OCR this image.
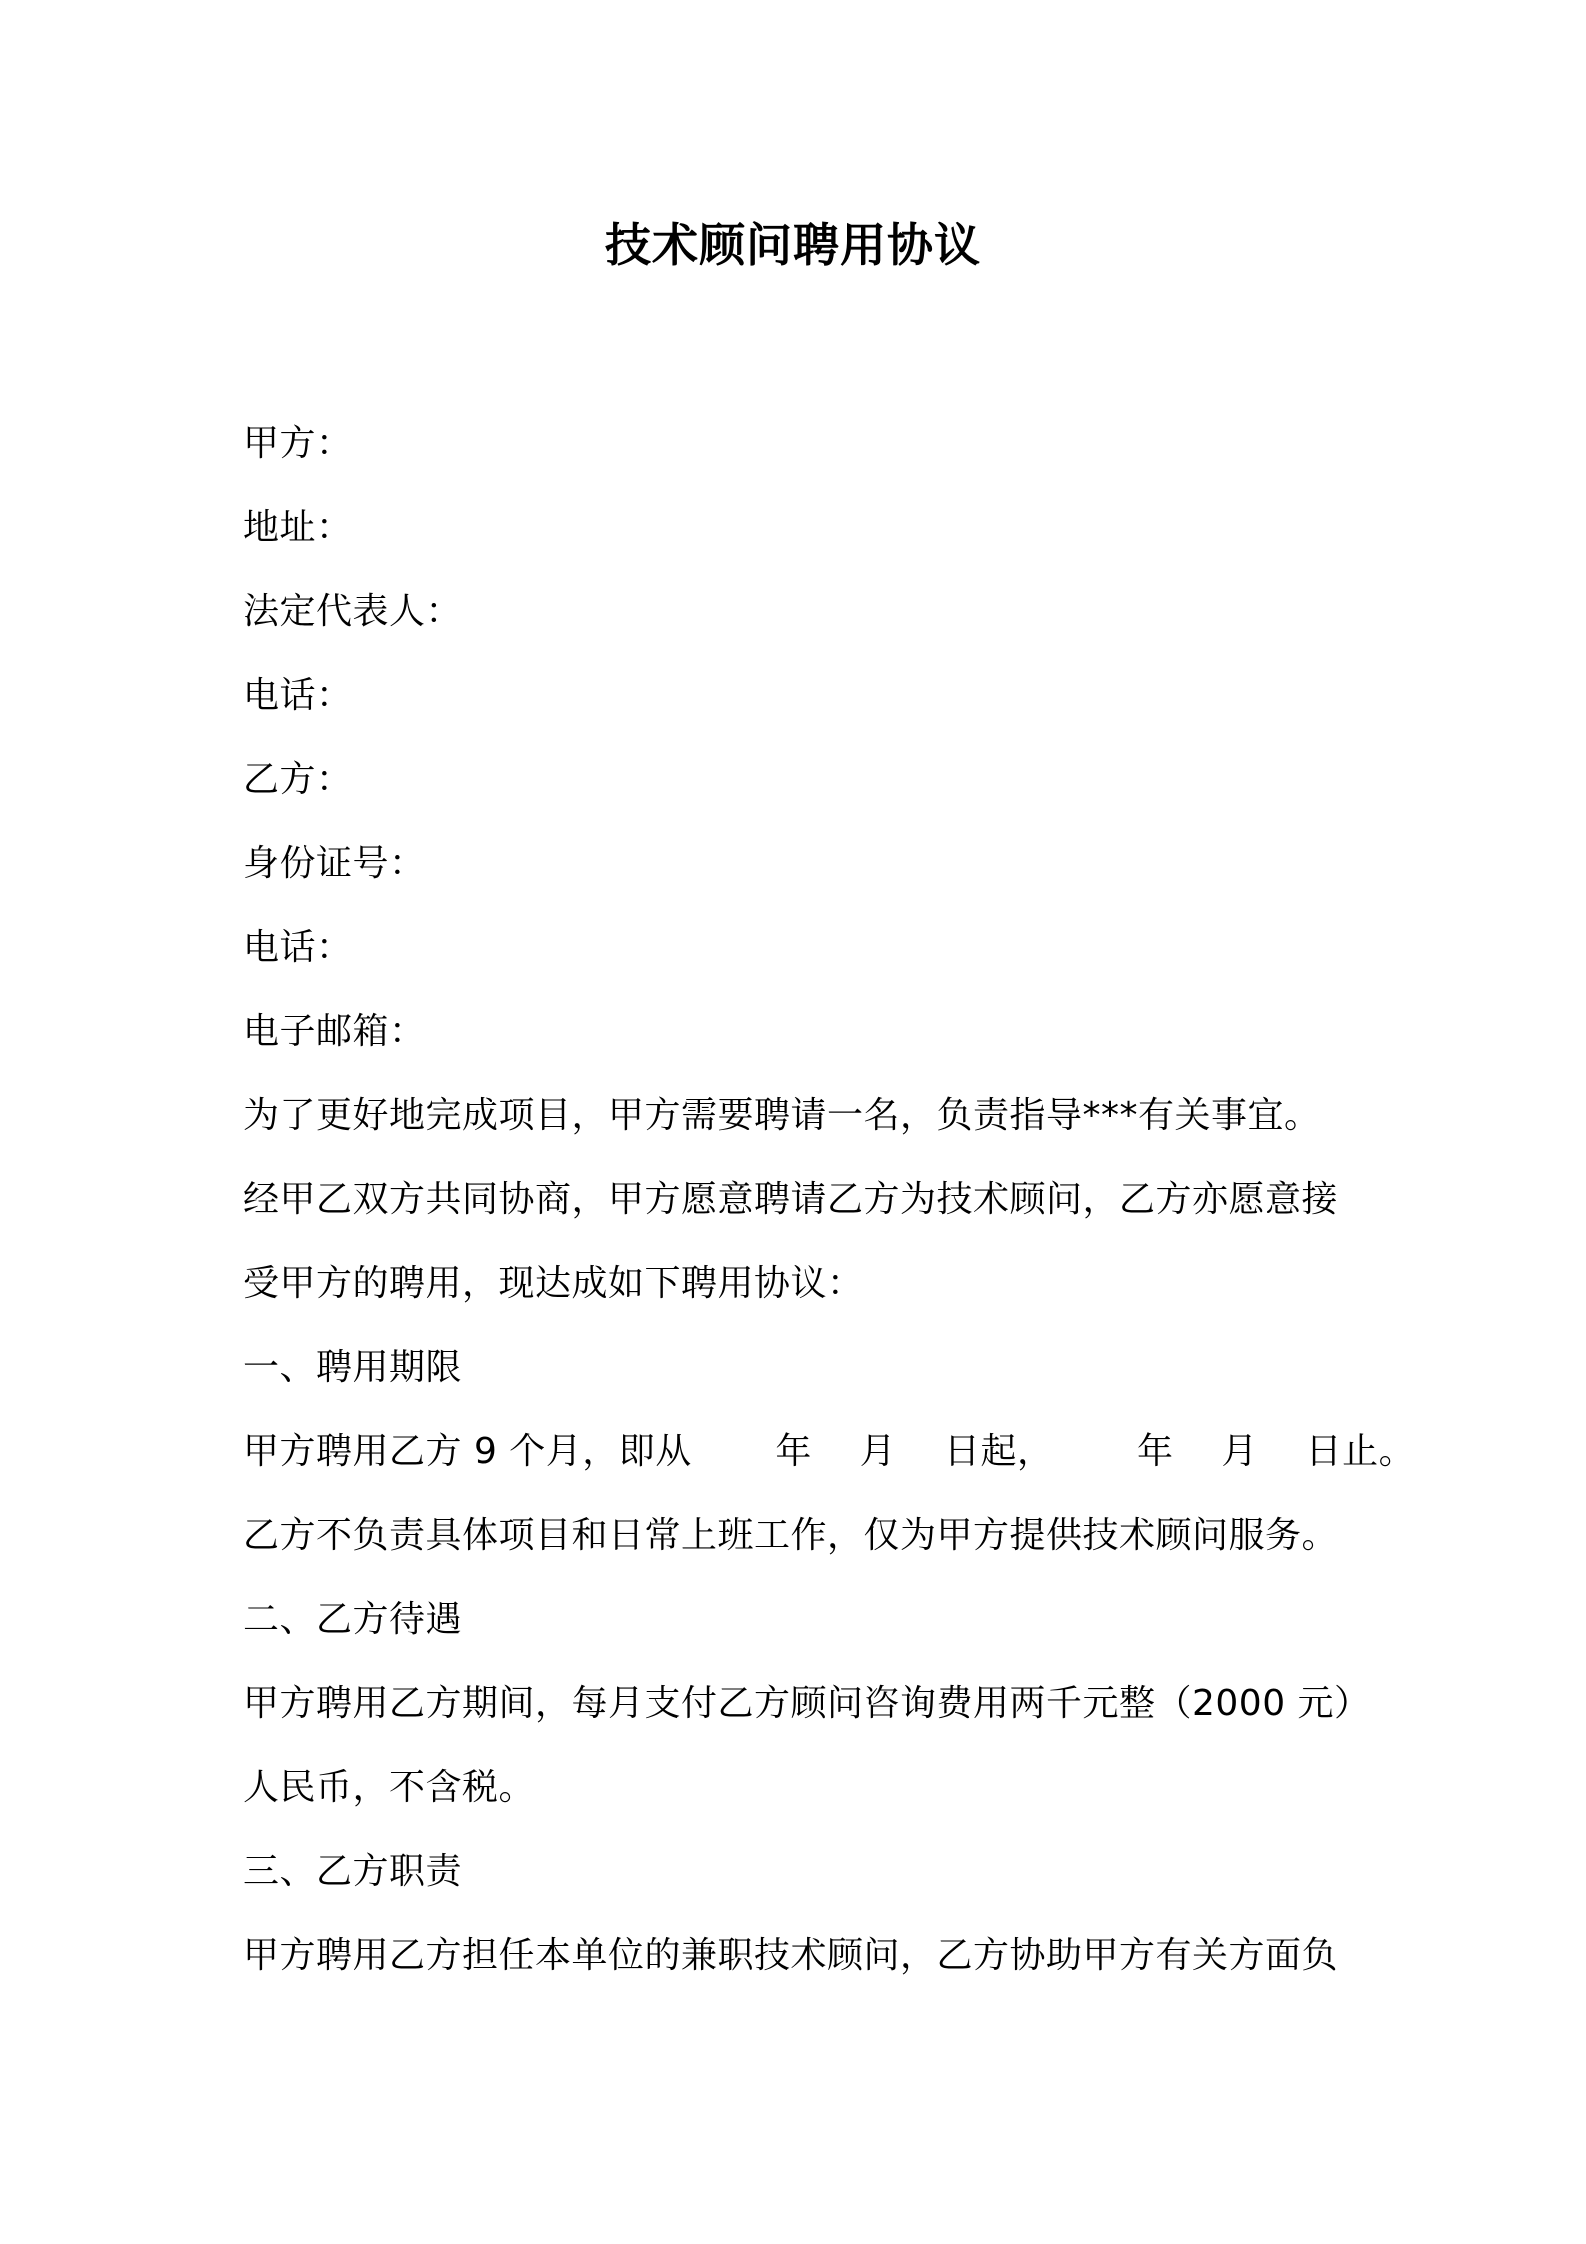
技术顾问聘用协议
甲方：
地址：
法定代表人：
电话：
乙方：
身份证号：
电话：
电子邮箱：
为了更好地完成项目，甲方需要聘请一名，负责指导***有关事宜。
经甲乙双方共同协商，甲方愿意聘请乙方为技术顾问，乙方亦愿意接
受甲方的聘用，现达成如下聘用协议：
一、聘用期限
甲方聘用乙方 9 个月，即从       年    月    日起，       年    月    日止。
乙方不负责具体项目和日常上班工作，仅为甲方提供技术顾问服务。
二、乙方待遇
甲方聘用乙方期间，每月支付乙方顾问咨询费用两千元整（2000 元）
人民币，不含税。
三、乙方职责
甲方聘用乙方担任本单位的兼职技术顾问，乙方协助甲方有关方面负
